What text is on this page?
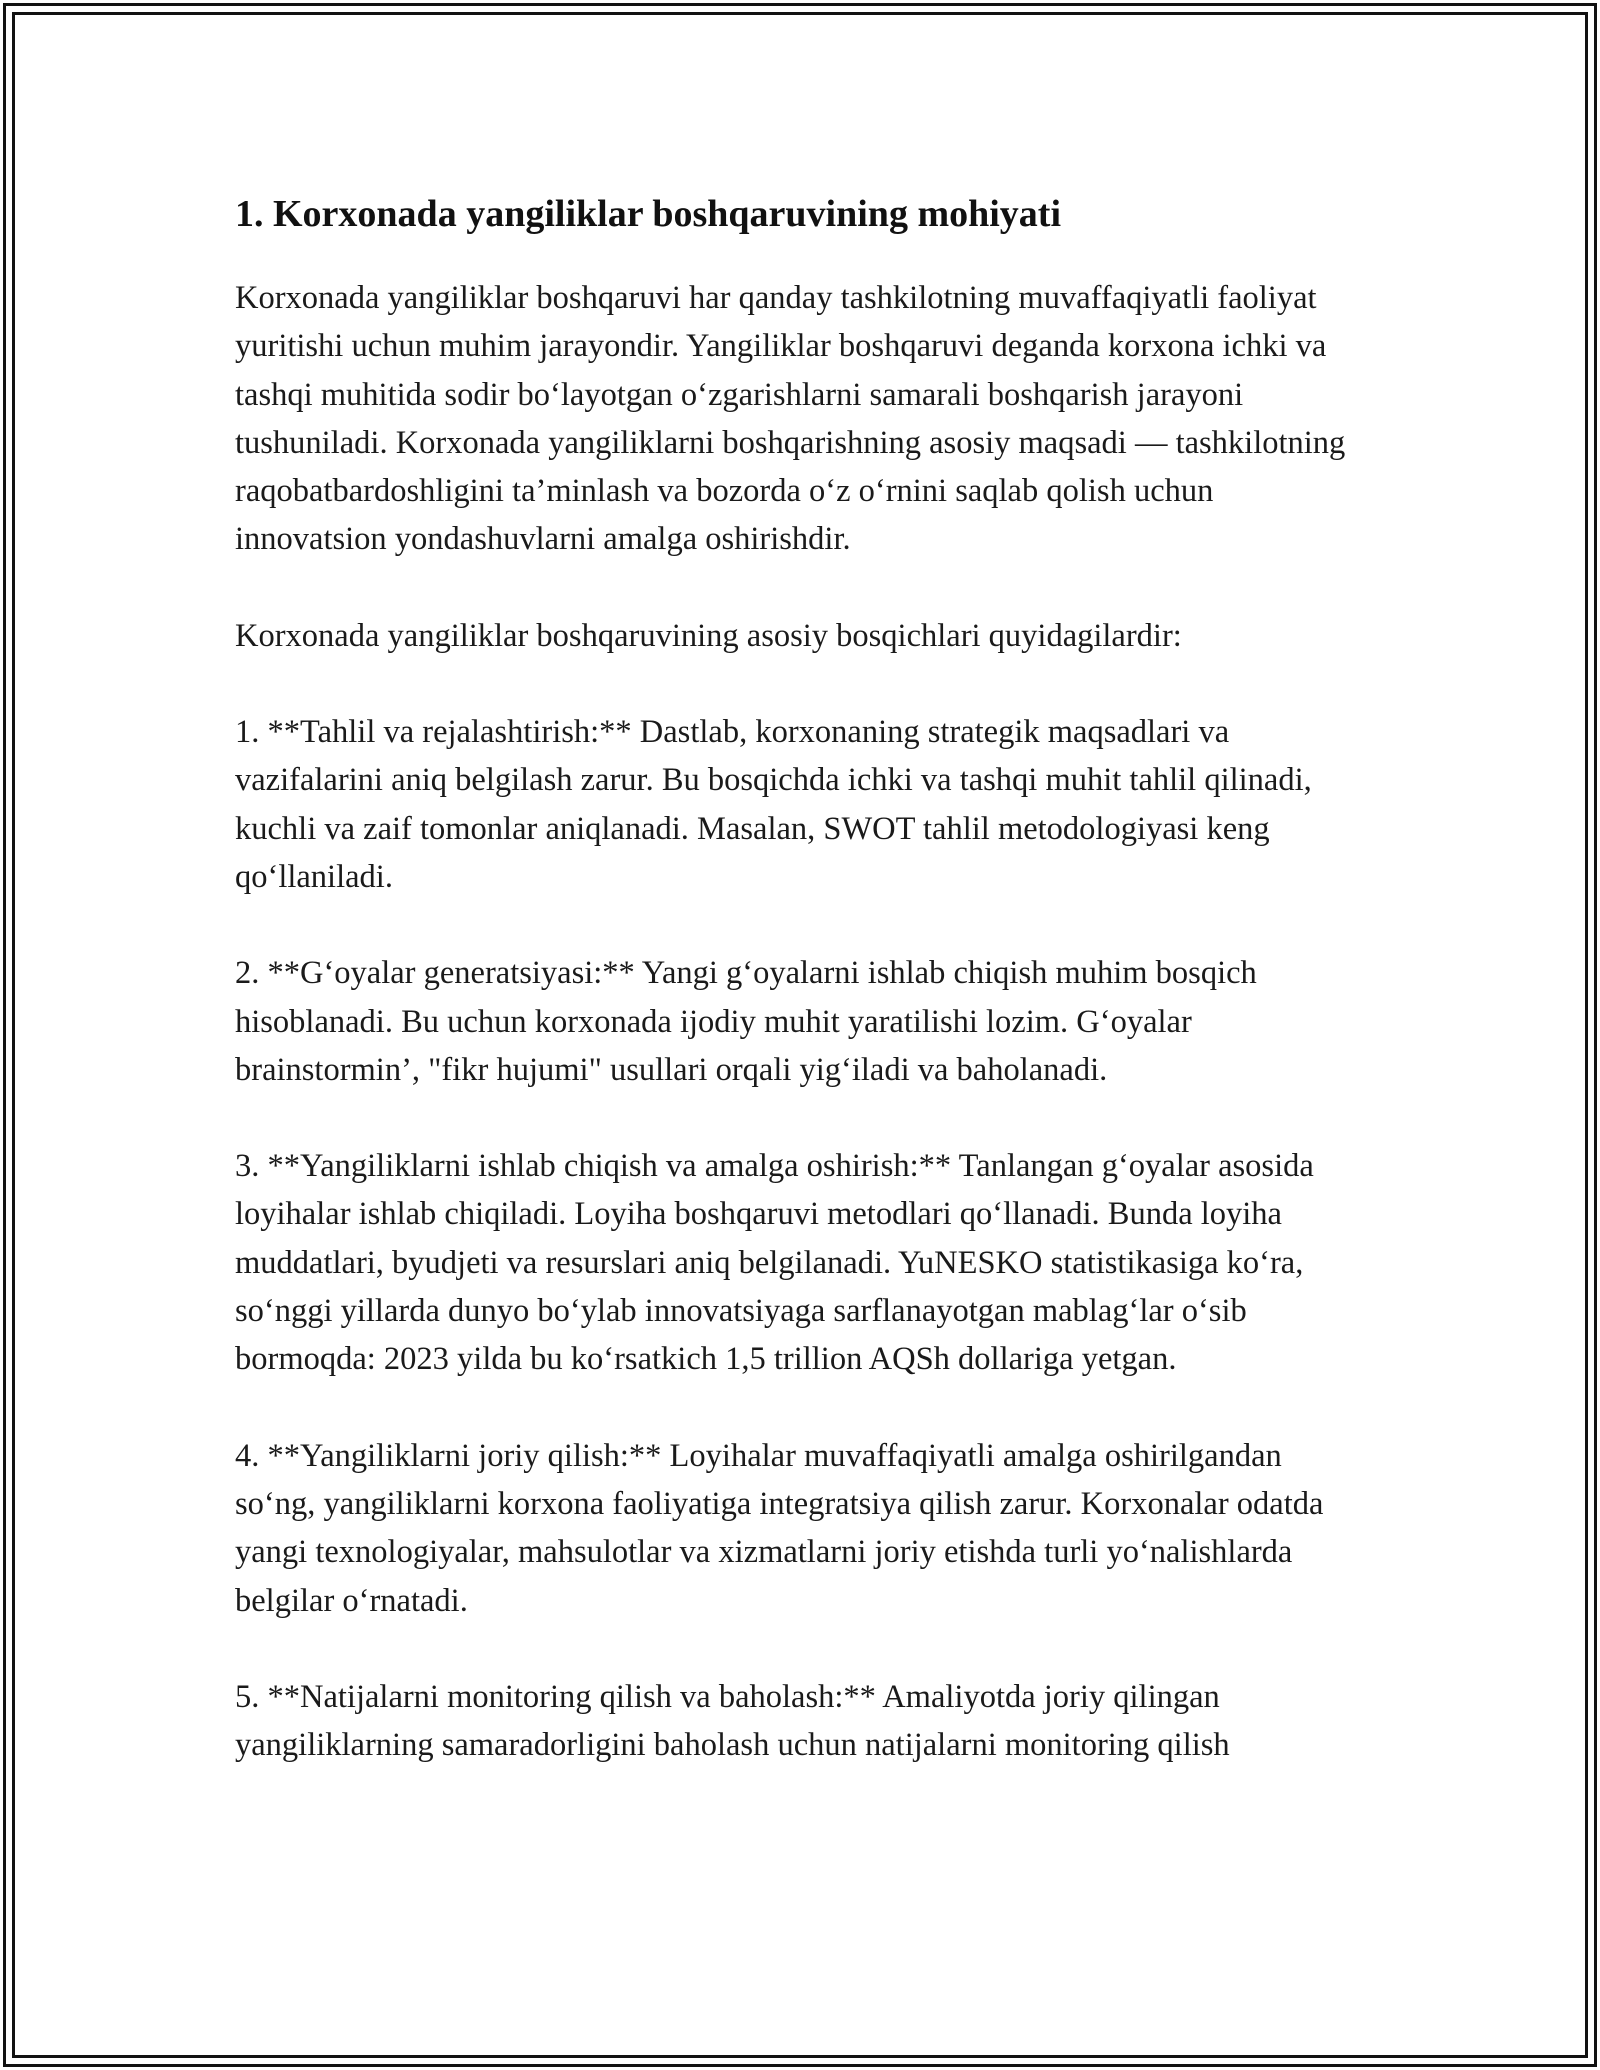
1. Korxonada yangiliklar boshqaruvining mohiyati

Korxonada yangiliklar boshqaruvi har qanday tashkilotning muvaffaqiyatli faoliyat yuritishi uchun muhim jarayondir. Yangiliklar boshqaruvi deganda korxona ichki va tashqi muhitida sodir bo‘layotgan o‘zgarishlarni samarali boshqarish jarayoni tushuniladi. Korxonada yangiliklarni boshqarishning asosiy maqsadi — tashkilotning raqobatbardoshligini ta’minlash va bozorda o‘z o‘rnini saqlab qolish uchun innovatsion yondashuvlarni amalga oshirishdir.

Korxonada yangiliklar boshqaruvining asosiy bosqichlari quyidagilardir:

1. **Tahlil va rejalashtirish:** Dastlab, korxonaning strategik maqsadlari va vazifalarini aniq belgilash zarur. Bu bosqichda ichki va tashqi muhit tahlil qilinadi, kuchli va zaif tomonlar aniqlanadi. Masalan, SWOT tahlil metodologiyasi keng qo‘llaniladi.

2. **G‘oyalar generatsiyasi:** Yangi g‘oyalarni ishlab chiqish muhim bosqich hisoblanadi. Bu uchun korxonada ijodiy muhit yaratilishi lozim. G‘oyalar brainstormin’, "fikr hujumi" usullari orqali yig‘iladi va baholanadi.

3. **Yangiliklarni ishlab chiqish va amalga oshirish:** Tanlangan g‘oyalar asosida loyihalar ishlab chiqiladi. Loyiha boshqaruvi metodlari qo‘llanadi. Bunda loyiha muddatlari, byudjeti va resurslari aniq belgilanadi. YuNESKO statistikasiga ko‘ra, so‘nggi yillarda dunyo bo‘ylab innovatsiyaga sarflanayotgan mablag‘lar o‘sib bormoqda: 2023 yilda bu ko‘rsatkich 1,5 trillion AQSh dollariga yetgan.

4. **Yangiliklarni joriy qilish:** Loyihalar muvaffaqiyatli amalga oshirilgandan so‘ng, yangiliklarni korxona faoliyatiga integratsiya qilish zarur. Korxonalar odatda yangi texnologiyalar, mahsulotlar va xizmatlarni joriy etishda turli yo‘nalishlarda belgilar o‘rnatadi.

5. **Natijalarni monitoring qilish va baholash:** Amaliyotda joriy qilingan yangiliklarning samaradorligini baholash uchun natijalarni monitoring qilish
